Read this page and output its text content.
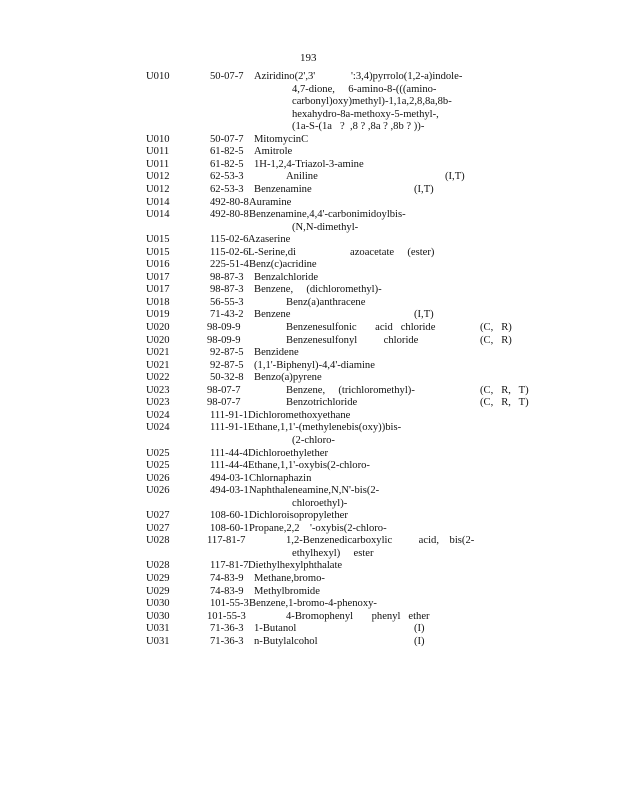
193
U010	50-07-7 Aziridino(2',3'	':3,4)pyrrolo(1,2-a)indole-
4,7-dione,     6-amino-8-(((amino-
carbonyl)oxy)methyl)-1,1a,2,8,8a,8b-
hexahydro-8a-methoxy-5-methyl-,
(1a-S-(1a   ?  ,8 ? ,8a ? ,8b ? ))-
U010	50-07-7 MitomycinC
U011	61-82-5 Amitrole
U011	61-82-5 1H-1,2,4-Triazol-3-amine
U012	62-53-3	Aniline	(I,T)
U012	62-53-3 Benzenamine	(I,T)
U014	492-80-8 Auramine
U014	492-80-8 Benzenamine,4,4'-carbonimidoylbis-
(N,N-dimethyl-
U015	115-02-6 Azaserine
U015	115-02-6 L-Serine,di	azoacetate     (ester)
U016	225-51-4 Benz(c)acridine
U017	98-87-3 Benzalchloride
U017	98-87-3 Benzene,     (dichloromethyl)-
U018	56-55-3	Benz(a)anthracene
U019	71-43-2 Benzene	(I,T)
U020	98-09-9	Benzenesulfonic       acid   chloride	(C,   R)
U020	98-09-9	Benzenesulfonyl          chloride	(C,   R)
U021	92-87-5 Benzidene
U021	92-87-5 (1,1'-Biphenyl)-4,4'-diamine
U022	50-32-8 Benzo(a)pyrene
U023	98-07-7	Benzene,     (trichloromethyl)-	(C,   R,   T)
U023	98-07-7	Benzotrichloride	(C,   R,   T)
U024	111-91-1 Dichloromethoxyethane
U024	111-91-1 Ethane,1,1'-(methylenebis(oxy))bis-
(2-chloro-
U025	111-44-4 Dichloroethylether
U025	111-44-4 Ethane,1,1'-oxybis(2-chloro-
U026	494-03-1 Chlornaphazin
U026	494-03-1 Naphthaleneamine,N,N'-bis(2-
chloroethyl)-
U027	108-60-1 Dichloroisopropylether
U027	108-60-1 Propane,2,2 '-oxybis(2-chloro-
U028	117-81-7	1,2-Benzenedicarboxylic          acid,    bis(2-
ethylhexyl)     ester
U028	117-81-7 Diethylhexylphthalate
U029	74-83-9 Methane,bromo-
U029	74-83-9 Methylbromide
U030	101-55-3 Benzene,1-bromo-4-phenoxy-
U030	101-55-3	4-Bromophenyl       phenyl   ether
U031	71-36-3 1-Butanol	(I)
U031	71-36-3 n-Butylalcohol	(I)
